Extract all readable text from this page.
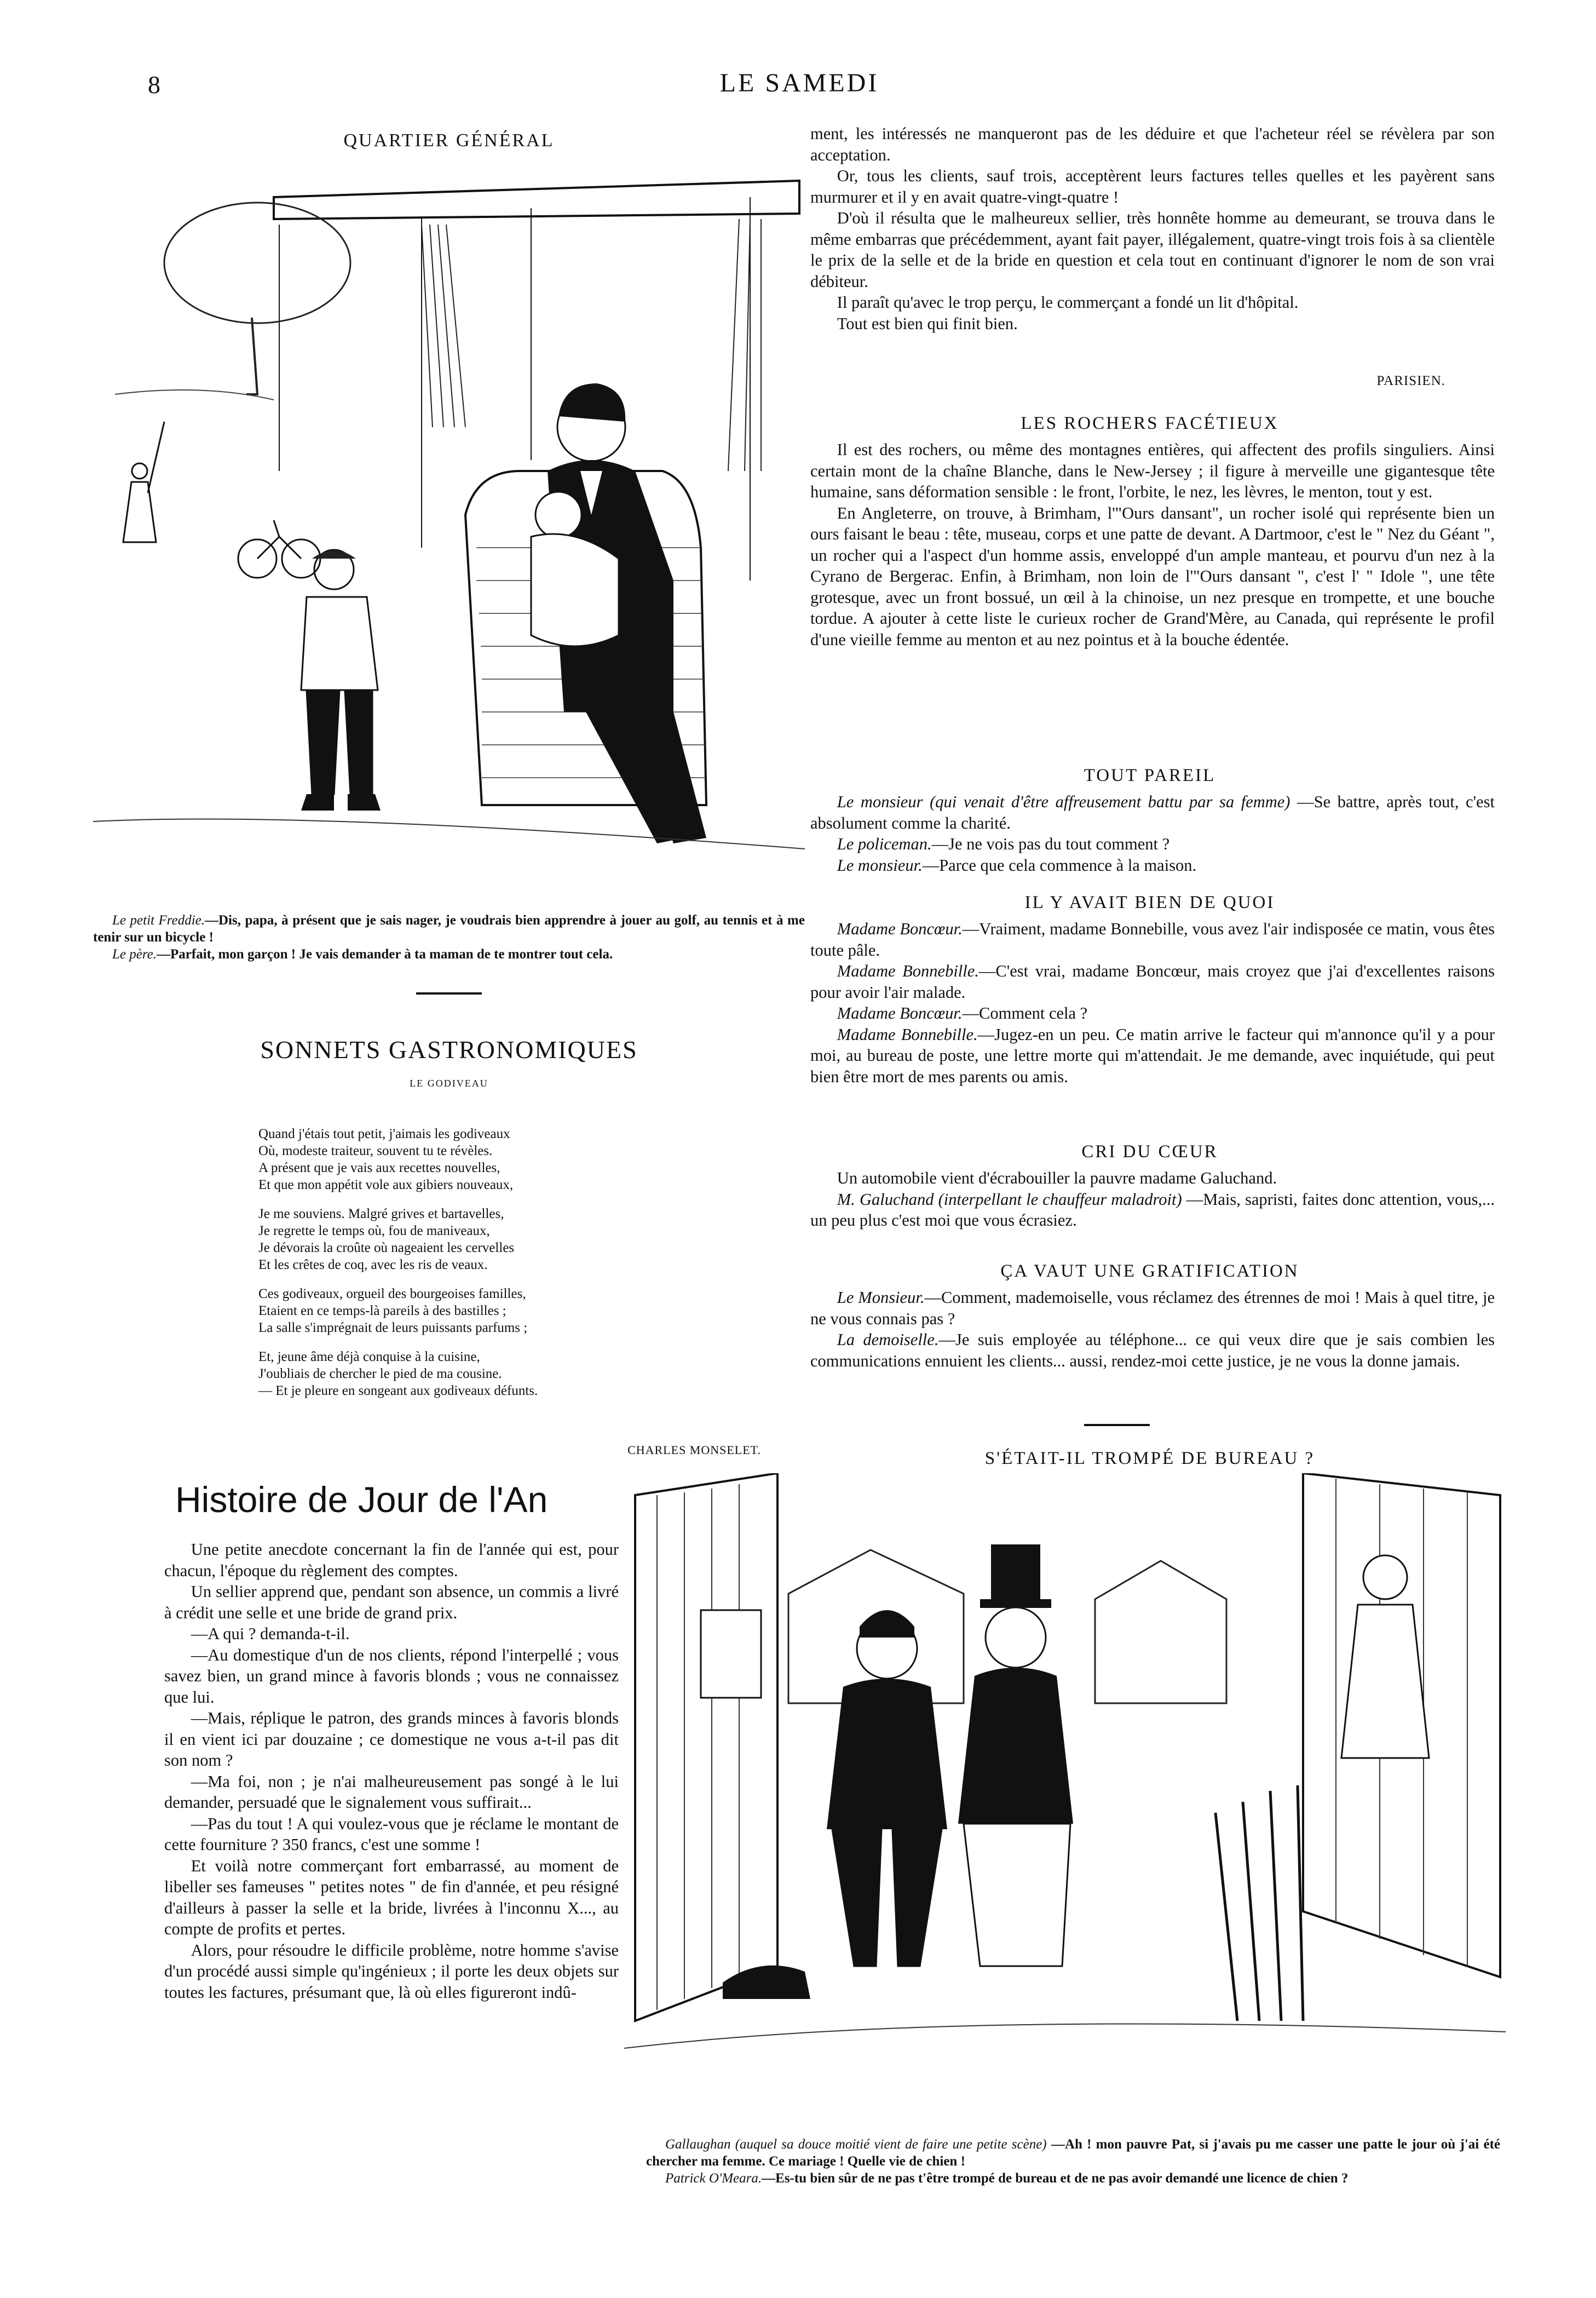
8	LE SAMEDI
QUARTIER GÉNÉRAL

Le petit Freddie.—Dis, papa, à présent que je sais nager, je voudrais bien apprendre à jouer au golf, au tennis et à me tenir sur un bicycle !

Le père.—Parfait, mon garçon ! Je vais demander à ta maman de te montrer tout cela.

SONNETS GASTRONOMIQUES
LE GODIVEAU
Quand j'étais tout petit, j'aimais les godiveaux
Où, modeste traiteur, souvent tu te révèles.
A présent que je vais aux recettes nouvelles,
Et que mon appétit vole aux gibiers nouveaux,
Je me souviens. Malgré grives et bartavelles,
Je regrette le temps où, fou de maniveaux,
Je dévorais la croûte où nageaient les cervelles
Et les crêtes de coq, avec les ris de veaux.
Ces godiveaux, orgueil des bourgeoises familles,
Etaient en ce temps-là pareils à des bastilles ;
La salle s'imprégnait de leurs puissants parfums ;
Et, jeune âme déjà conquise à la cuisine,
J'oubliais de chercher le pied de ma cousine.
— Et je pleure en songeant aux godiveaux défunts.
CHARLES MONSELET.
Histoire de Jour de l'An

Une petite anecdote concernant la fin de l'année qui est, pour chacun, l'époque du règlement des comptes.

Un sellier apprend que, pendant son absence, un commis a livré à crédit une selle et une bride de grand prix.

—A qui ? demanda-t-il.

—Au domestique d'un de nos clients, répond l'interpellé ; vous savez bien, un grand mince à favoris blonds ; vous ne connaissez que lui.

—Mais, réplique le patron, des grands minces à favoris blonds il en vient ici par douzaine ; ce domestique ne vous a-t-il pas dit son nom ?

—Ma foi, non ; je n'ai malheureusement pas songé à le lui demander, persuadé que le signalement vous suffirait...

—Pas du tout ! A qui voulez-vous que je réclame le montant de cette fourniture ? 350 francs, c'est une somme !

Et voilà notre commerçant fort embarrassé, au moment de libeller ses fameuses " petites notes " de fin d'année, et peu résigné d'ailleurs à passer la selle et la bride, livrées à l'inconnu X..., au compte de profits et pertes.

Alors, pour résoudre le difficile problème, notre homme s'avise d'un procédé aussi simple qu'ingénieux ; il porte les deux objets sur toutes les factures, présumant que, là où elles figureront indû-

ment, les intéressés ne manqueront pas de les déduire et que l'acheteur réel se révèlera par son acceptation.

Or, tous les clients, sauf trois, acceptèrent leurs factures telles quelles et les payèrent sans murmurer et il y en avait quatre-vingt-quatre !

D'où il résulta que le malheureux sellier, très honnête homme au demeurant, se trouva dans le même embarras que précédemment, ayant fait payer, illégalement, quatre-vingt trois fois à sa clientèle le prix de la selle et de la bride en question et cela tout en continuant d'ignorer le nom de son vrai débiteur.

Il paraît qu'avec le trop perçu, le commerçant a fondé un lit d'hôpital.

Tout est bien qui finit bien.

PARISIEN.
LES ROCHERS FACÉTIEUX

Il est des rochers, ou même des montagnes entières, qui affectent des profils singuliers. Ainsi certain mont de la chaîne Blanche, dans le New-Jersey ; il figure à merveille une gigantesque tête humaine, sans déformation sensible : le front, l'orbite, le nez, les lèvres, le menton, tout y est.

En Angleterre, on trouve, à Brimham, l'"Ours dansant", un rocher isolé qui représente bien un ours faisant le beau : tête, museau, corps et une patte de devant. A Dartmoor, c'est le " Nez du Géant ", un rocher qui a l'aspect d'un homme assis, enveloppé d'un ample manteau, et pourvu d'un nez à la Cyrano de Bergerac. Enfin, à Brimham, non loin de l'"Ours dansant ", c'est l' " Idole ", une tête grotesque, avec un front bossué, un œil à la chinoise, un nez presque en trompette, et une bouche tordue. A ajouter à cette liste le curieux rocher de Grand'Mère, au Canada, qui représente le profil d'une vieille femme au menton et au nez pointus et à la bouche édentée.

TOUT PAREIL

Le monsieur (qui venait d'être affreusement battu par sa femme) —Se battre, après tout, c'est absolument comme la charité.

Le policeman.—Je ne vois pas du tout comment ?

Le monsieur.—Parce que cela commence à la maison.

IL Y AVAIT BIEN DE QUOI

Madame Boncœur.—Vraiment, madame Bonnebille, vous avez l'air indisposée ce matin, vous êtes toute pâle.

Madame Bonnebille.—C'est vrai, madame Boncœur, mais croyez que j'ai d'excellentes raisons pour avoir l'air malade.

Madame Boncœur.—Comment cela ?

Madame Bonnebille.—Jugez-en un peu. Ce matin arrive le facteur qui m'annonce qu'il y a pour moi, au bureau de poste, une lettre morte qui m'attendait. Je me demande, avec inquiétude, qui peut bien être mort de mes parents ou amis.

CRI DU CŒUR

Un automobile vient d'écrabouiller la pauvre madame Galuchand.

M. Galuchand (interpellant le chauffeur maladroit) —Mais, sapristi, faites donc attention, vous,... un peu plus c'est moi que vous écrasiez.

ÇA VAUT UNE GRATIFICATION

Le Monsieur.—Comment, mademoiselle, vous réclamez des étrennes de moi ! Mais à quel titre, je ne vous connais pas ?

La demoiselle.—Je suis employée au téléphone... ce qui veux dire que je sais combien les communications ennuient les clients... aussi, rendez-moi cette justice, je ne vous la donne jamais.

S'ÉTAIT-IL TROMPÉ DE BUREAU ?

Gallaughan (auquel sa douce moitié vient de faire une petite scène) —Ah ! mon pauvre Pat, si j'avais pu me casser une patte le jour où j'ai été chercher ma femme. Ce mariage ! Quelle vie de chien !

Patrick O'Meara.—Es-tu bien sûr de ne pas t'être trompé de bureau et de ne pas avoir demandé une licence de chien ?
